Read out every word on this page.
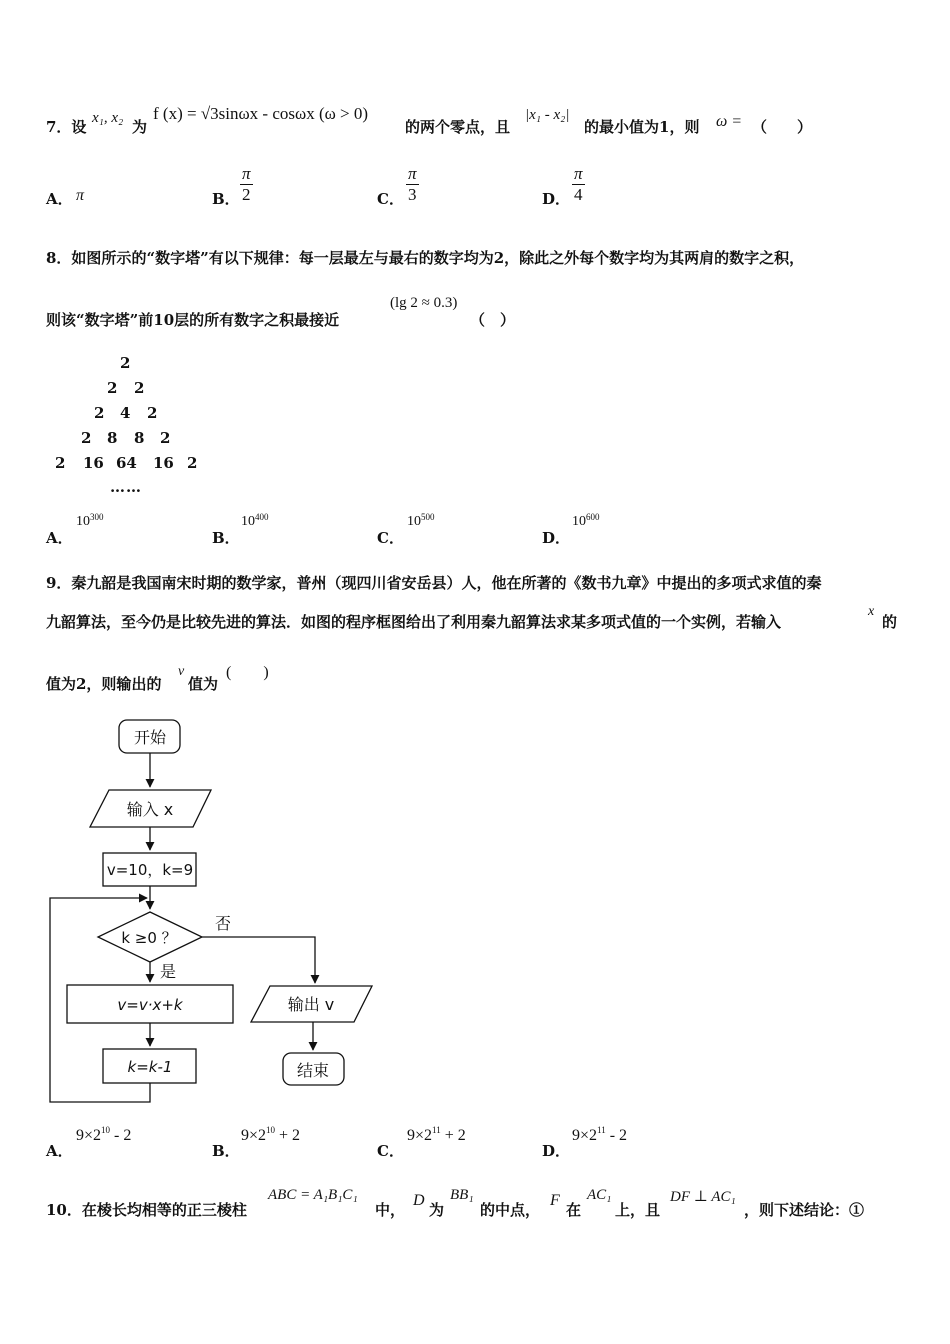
7．设 x₁, x₂ 为
f (x) = √3sinωx - cosωx (ω > 0)
的两个零点，且
|x₁ - x₂|
的最小值为1，则 ω = （　　）
A． π	B． $\frac{\pi}{2}$	C． $\frac{\pi}{3}$	D． $\frac{\pi}{4}$
8．如图所示的“数字塔”有以下规律：每一层最左与最右的数字均为2，除此之外每个数字均为其两肩的数字之积，
则该“数字塔”前10层的所有数字之积最接近
(lg 2 ≈ 0.3)
（　）
2
2 2
2 4 2
2 8 8 2
2 16 64 16 2
……
A．
$10^{300}$
B．
$10^{400}$
C．
$10^{500}$
D．
$10^{600}$
9．秦九韶是我国南宋时期的数学家，普州（现四川省安岳县）人，他在所著的《数书九章》中提出的多项式求值的秦
九韶算法，至今仍是比较先进的算法．如图的程序框图给出了利用秦九韶算法求某多项式值的一个实例，若输入
x
的
值为2，则输出的
v
值为
(　　)
开始
输入 x
v=10，k=9
k ≥0 ？
否
是
v=v·x+k
k=k-1
输出 v
结束
A．
$9\times 2^{10} - 2$
B．
$9\times 2^{10} + 2$
C．
$9\times 2^{11} + 2$
D．
$9\times 2^{11} - 2$
10．在棱长均相等的正三棱柱
ABC = A₁B₁C₁
中，
D
为
BB₁
的中点，
F
在
AC₁
上，且
DF ⊥ AC₁
，则下述结论：①
